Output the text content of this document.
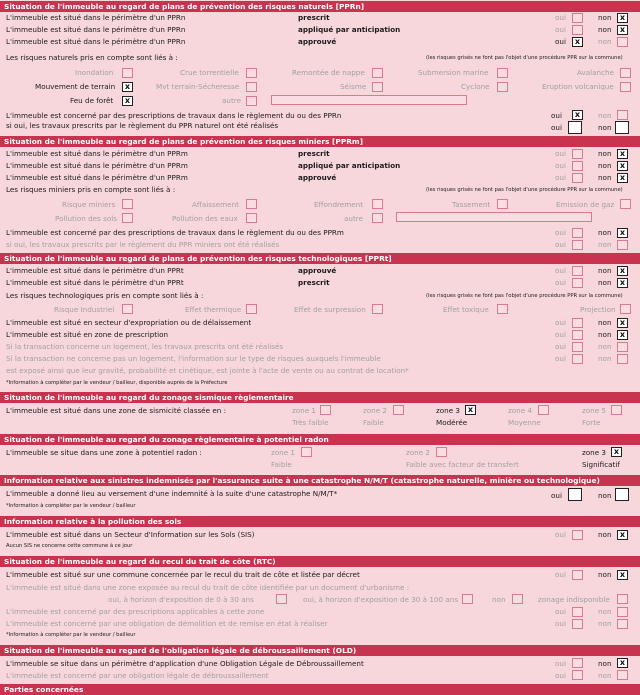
Situation de l'immeuble au regard de plans de prévention des risques naturels [PPRn]
L'immeuble est situé dans le périmètre d'un PPRn	prescrit	oui	non	x
L'immeuble est situé dans le périmètre d'un PPRn	appliqué par anticipation	oui	non	x
L'immeuble est situé dans le périmètre d'un PPRn	approuvé	oui	x	non
Les risques naturels pris en compte sont liés à :	(les risques grisés ne font pas l'objet d'une procédure PPR sur la commune)
Inondation	Crue torrentielle	Remontée de nappe	Submersion marine	Avalanche
Mouvement de terrain	x	Mvt terrain-Sécheresse	Séisme	Cyclone	Eruption volcanique
Feu de forêt	x	autre
L'immeuble est concerné par des prescriptions de travaux dans le règlement du ou des PPRn	oui	x	non
si oui, les travaux prescrits par le règlement du PPR naturel ont été réalisés	oui	non
Situation de l'immeuble au regard de plans de prévention des risques miniers [PPRm]
L'immeuble est situé dans le périmètre d'un PPRm	prescrit	oui	non	x
L'immeuble est situé dans le périmètre d'un PPRm	appliqué par anticipation	oui	non	x
L'immeuble est situé dans le périmètre d'un PPRm	approuvé	oui	non	x
Les risques miniers pris en compte sont liés à :	(les risques grisés ne font pas l'objet d'une procédure PPR sur la commune)
Risque miniers	Affaissement	Effondrement	Tassement	Emission de gaz
Pollution des sols	Pollution des eaux	autre
L'immeuble est concerné par des prescriptions de travaux dans le règlement du ou des PPRm	oui	non	x
si oui, les travaux prescrits par le règlement du PPR miniers ont été réalisés	oui	non
Situation de l'immeuble au regard de plans de prévention des risques technologiques [PPRt]
L'immeuble est situé dans le périmètre d'un PPRt	approuvé	oui	non	x
L'immeuble est situé dans le périmètre d'un PPRt	prescrit	oui	non	x
Les risques technologiques pris en compte sont liés à :	(les risques grisés ne font pas l'objet d'une procédure PPR sur la commune)
Risque Industriel	Effet thermique	Effet de surpression	Effet toxique	Projection
L'immeuble est situé en secteur d'expropriation ou de délaissement	oui	non	x
L'immeuble est situé en zone de prescription	oui	non	x
Si la transaction concerne un logement, les travaux prescrits ont été réalisés	oui	non
Si la transaction ne concerne pas un logement, l'information sur le type de risques auxquels l'immeuble	oui	non
est exposé ainsi que leur gravité, probabilité et cinétique, est jointe à l'acte de vente ou au contrat de location*
*Information à compléter par le vendeur / bailleur, disponible auprès de la Préfecture
Situation de l'immeuble au regard du zonage sismique règlementaire
L'immeuble est situé dans une zone de sismicité classée en :	zone 1	zone 2	zone 3 x	zone 4	zone 5
Très faible	Faible	Modérée	Moyenne	Forte
Situation de l'immeuble au regard du zonage règlementaire à potentiel radon
L'immeuble se situe dans une zone à potentiel radon :	zone 1	zone 2	zone 3 x
Faible	Faible avec facteur de transfert	Significatif
Information relative aux sinistres indemnisés par l'assurance suite à une catastrophe N/M/T (catastrophe naturelle, minière ou technologique)
L'immeuble a donné lieu au versement d'une indemnité à la suite d'une catastrophe N/M/T*	oui	non
*Information à compléter par le vendeur / bailleur
Information relative à la pollution des sols
L'immeuble est situé dans un Secteur d'Information sur les Sols (SIS)	oui	non	x
Aucun SIS ne concerne cette commune à ce jour
Situation de l'immeuble au regard du recul du trait de côte (RTC)
L'immeuble est situé sur une commune concernée par le recul du trait de côte et listée par décret	oui	non	x
L'immeuble est situé dans une zone exposée au recul du trait de côte identifiée par un document d'urbanisme :
oui, à horizon d'exposition de 0 à 30 ans	oui, à horizon d'exposition de 30 à 100 ans	non	zonage indisponible
L'immeuble est concerné par des prescriptions applicables à cette zone	oui	non
L'immeuble est concerné par une obligation de démolition et de remise en état à réaliser	oui	non
*Information à compléter par le vendeur / bailleur
Situation de l'immeuble au regard de l'obligation légale de débroussaillement (OLD)
L'immeuble se situe dans un périmètre d'application d'une Obligation Légale de Débroussaillement	oui	non	x
L'immeuble est concerné par une obligation légale de débroussaillement	oui	non
Parties concernées
